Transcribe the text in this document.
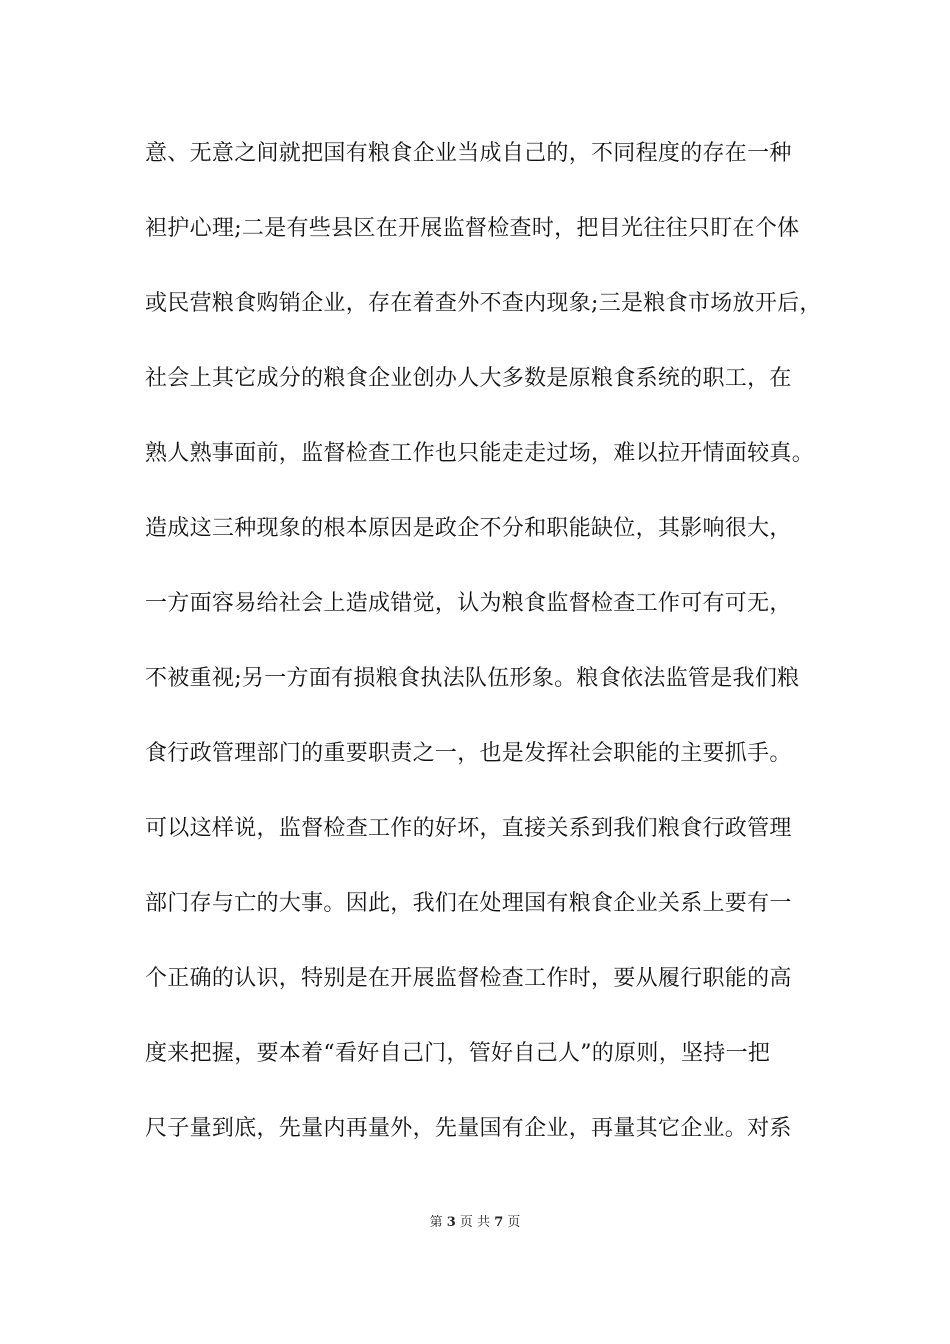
意、无意之间就把国有粮食企业当成自己的，不同程度的存在一种
袒护心理;二是有些县区在开展监督检查时，把目光往往只盯在个体
或民营粮食购销企业，存在着查外不查内现象;三是粮食市场放开后，
社会上其它成分的粮食企业创办人大多数是原粮食系统的职工，在
熟人熟事面前，监督检查工作也只能走走过场，难以拉开情面较真。
造成这三种现象的根本原因是政企不分和职能缺位，其影响很大，
一方面容易给社会上造成错觉，认为粮食监督检查工作可有可无，
不被重视;另一方面有损粮食执法队伍形象。粮食依法监管是我们粮
食行政管理部门的重要职责之一，也是发挥社会职能的主要抓手。
可以这样说，监督检查工作的好坏，直接关系到我们粮食行政管理
部门存与亡的大事。因此，我们在处理国有粮食企业关系上要有一
个正确的认识，特别是在开展监督检查工作时，要从履行职能的高
度来把握，要本着“看好自己门，管好自己人”的原则，坚持一把
尺子量到底，先量内再量外，先量国有企业，再量其它企业。对系
第 3 页 共 7 页
